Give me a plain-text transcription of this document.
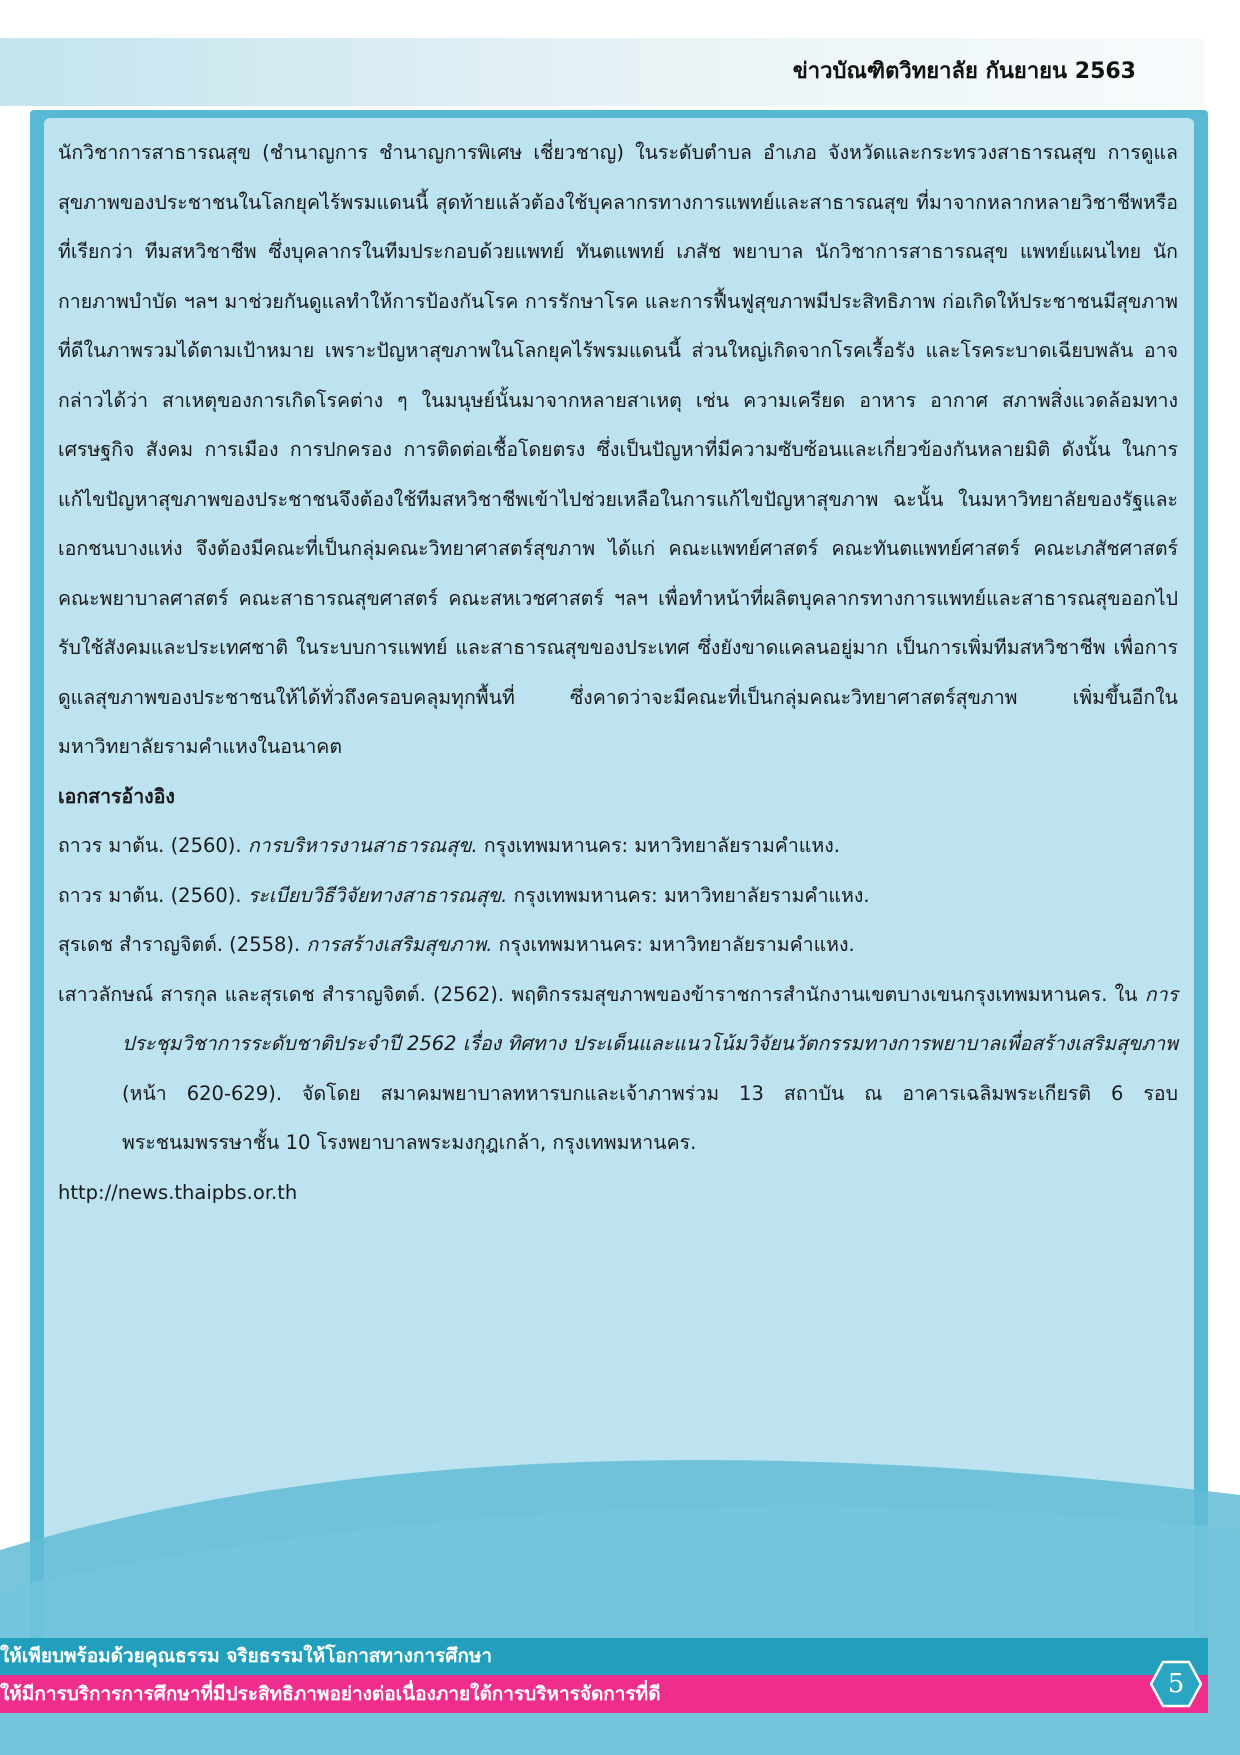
ข่าวบัณฑิตวิทยาลัย กันยายน 2563

นักวิชาการสาธารณสุข (ชำนาญการ ชำนาญการพิเศษ เชี่ยวชาญ) ในระดับตำบล อำเภอ จังหวัดและกระทรวงสาธารณสุข การดูแลสุขภาพของประชาชนในโลกยุคไร้พรมแดนนี้ สุดท้ายแล้วต้องใช้บุคลากรทางการแพทย์และสาธารณสุข ที่มาจากหลากหลายวิชาชีพหรือที่เรียกว่า ทีมสหวิชาชีพ ซึ่งบุคลากรในทีมประกอบด้วยแพทย์ ทันตแพทย์ เภสัช พยาบาล นักวิชาการสาธารณสุข แพทย์แผนไทย นักกายภาพบำบัด ฯลฯ มาช่วยกันดูแลทำให้การป้องกันโรค การรักษาโรค และการฟื้นฟูสุขภาพมีประสิทธิภาพ ก่อเกิดให้ประชาชนมีสุขภาพที่ดีในภาพรวมได้ตามเป้าหมาย เพราะปัญหาสุขภาพในโลกยุคไร้พรมแดนนี้ ส่วนใหญ่เกิดจากโรคเรื้อรัง และโรคระบาดเฉียบพลัน อาจกล่าวได้ว่า สาเหตุของการเกิดโรคต่าง ๆ ในมนุษย์นั้นมาจากหลายสาเหตุ เช่น ความเครียด อาหาร อากาศ สภาพสิ่งแวดล้อมทางเศรษฐกิจ สังคม การเมือง การปกครอง การติดต่อเชื้อโดยตรง ซึ่งเป็นปัญหาที่มีความซับซ้อนและเกี่ยวข้องกันหลายมิติ ดังนั้น ในการแก้ไขปัญหาสุขภาพของประชาชนจึงต้องใช้ทีมสหวิชาชีพเข้าไปช่วยเหลือในการแก้ไขปัญหาสุขภาพ ฉะนั้น ในมหาวิทยาลัยของรัฐและเอกชนบางแห่ง จึงต้องมีคณะที่เป็นกลุ่มคณะวิทยาศาสตร์สุขภาพ ได้แก่ คณะแพทย์ศาสตร์ คณะทันตแพทย์ศาสตร์ คณะเภสัชศาสตร์ คณะพยาบาลศาสตร์ คณะสาธารณสุขศาสตร์ คณะสหเวชศาสตร์ ฯลฯ เพื่อทำหน้าที่ผลิตบุคลากรทางการแพทย์และสาธารณสุขออกไปรับใช้สังคมและประเทศชาติ ในระบบการแพทย์ และสาธารณสุขของประเทศ ซึ่งยังขาดแคลนอยู่มาก เป็นการเพิ่มทีมสหวิชาชีพ เพื่อการดูแลสุขภาพของประชาชนให้ได้ทั่วถึงครอบคลุมทุกพื้นที่ ซึ่งคาดว่าจะมีคณะที่เป็นกลุ่มคณะวิทยาศาสตร์สุขภาพ เพิ่มขึ้นอีกในมหาวิทยาลัยรามคำแหงในอนาคต

เอกสารอ้างอิง

ถาวร มาต้น. (2560). การบริหารงานสาธารณสุข. กรุงเทพมหานคร: มหาวิทยาลัยรามคำแหง.

ถาวร มาต้น. (2560). ระเบียบวิธีวิจัยทางสาธารณสุข. กรุงเทพมหานคร: มหาวิทยาลัยรามคำแหง.

สุรเดช สำราญจิตต์. (2558). การสร้างเสริมสุขภาพ. กรุงเทพมหานคร: มหาวิทยาลัยรามคำแหง.

เสาวลักษณ์ สารกุล และสุรเดช สำราญจิตต์. (2562). พฤติกรรมสุขภาพของข้าราชการสำนักงานเขตบางเขนกรุงเทพมหานคร. ใน การประชุมวิชาการระดับชาติประจำปี 2562 เรื่อง ทิศทาง ประเด็นและแนวโน้มวิจัยนวัตกรรมทางการพยาบาลเพื่อสร้างเสริมสุขภาพ (หน้า 620-629). จัดโดย สมาคมพยาบาลทหารบกและเจ้าภาพร่วม 13 สถาบัน ณ อาคารเฉลิมพระเกียรติ 6 รอบพระชนมพรรษาชั้น 10 โรงพยาบาลพระมงกุฎเกล้า, กรุงเทพมหานคร.

http://news.thaipbs.or.th

ให้เพียบพร้อมด้วยคุณธรรม จริยธรรมให้โอกาสทางการศึกษา
ให้มีการบริการการศึกษาที่มีประสิทธิภาพอย่างต่อเนื่องภายใต้การบริหารจัดการที่ดี	5
